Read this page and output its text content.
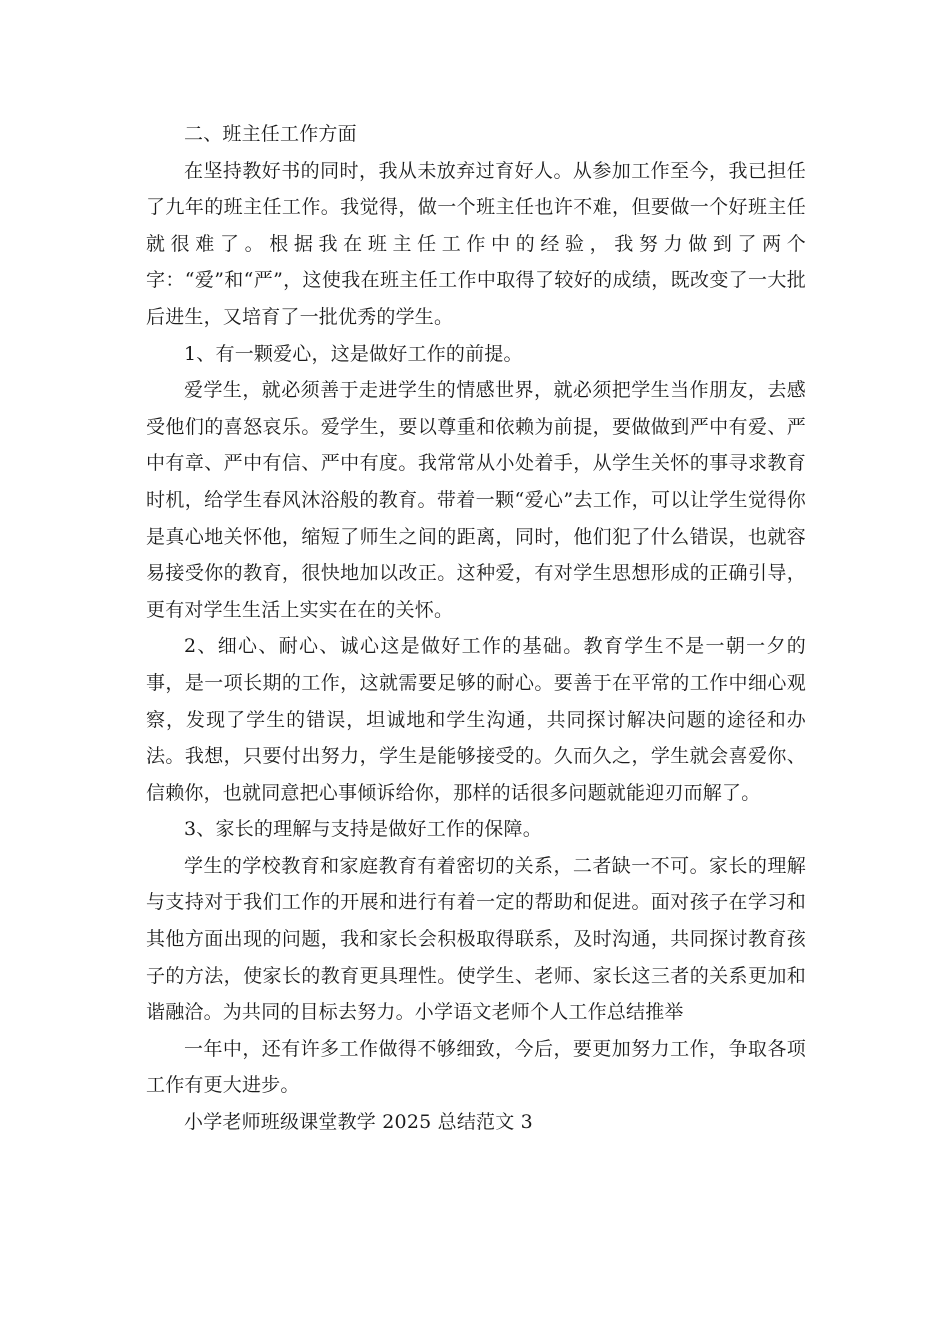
二、班主任工作方面

在坚持教好书的同时，我从未放弃过育好人。从参加工作至今，我已担任了九年的班主任工作。我觉得，做一个班主任也许不难，但要做一个好班主任就很难了。根据我在班主任工作中的经验，我努力做到了两个字：“爱”和“严”，这使我在班主任工作中取得了较好的成绩，既改变了一大批后进生，又培育了一批优秀的学生。

1、有一颗爱心，这是做好工作的前提。

爱学生，就必须善于走进学生的情感世界，就必须把学生当作朋友，去感受他们的喜怒哀乐。爱学生，要以尊重和依赖为前提，要做做到严中有爱、严中有章、严中有信、严中有度。我常常从小处着手，从学生关怀的事寻求教育时机，给学生春风沐浴般的教育。带着一颗“爱心”去工作，可以让学生觉得你是真心地关怀他，缩短了师生之间的距离，同时，他们犯了什么错误，也就容易接受你的教育，很快地加以改正。这种爱，有对学生思想形成的正确引导，更有对学生生活上实实在在的关怀。

2、细心、耐心、诚心这是做好工作的基础。教育学生不是一朝一夕的事，是一项长期的工作，这就需要足够的耐心。要善于在平常的工作中细心观察，发现了学生的错误，坦诚地和学生沟通，共同探讨解决问题的途径和办法。我想，只要付出努力，学生是能够接受的。久而久之，学生就会喜爱你、信赖你，也就同意把心事倾诉给你，那样的话很多问题就能迎刃而解了。

3、家长的理解与支持是做好工作的保障。

学生的学校教育和家庭教育有着密切的关系，二者缺一不可。家长的理解与支持对于我们工作的开展和进行有着一定的帮助和促进。面对孩子在学习和其他方面出现的问题，我和家长会积极取得联系，及时沟通，共同探讨教育孩子的方法，使家长的教育更具理性。使学生、老师、家长这三者的关系更加和谐融洽。为共同的目标去努力。小学语文老师个人工作总结推举

一年中，还有许多工作做得不够细致，今后，要更加努力工作，争取各项工作有更大进步。

小学老师班级课堂教学 2025 总结范文 3
